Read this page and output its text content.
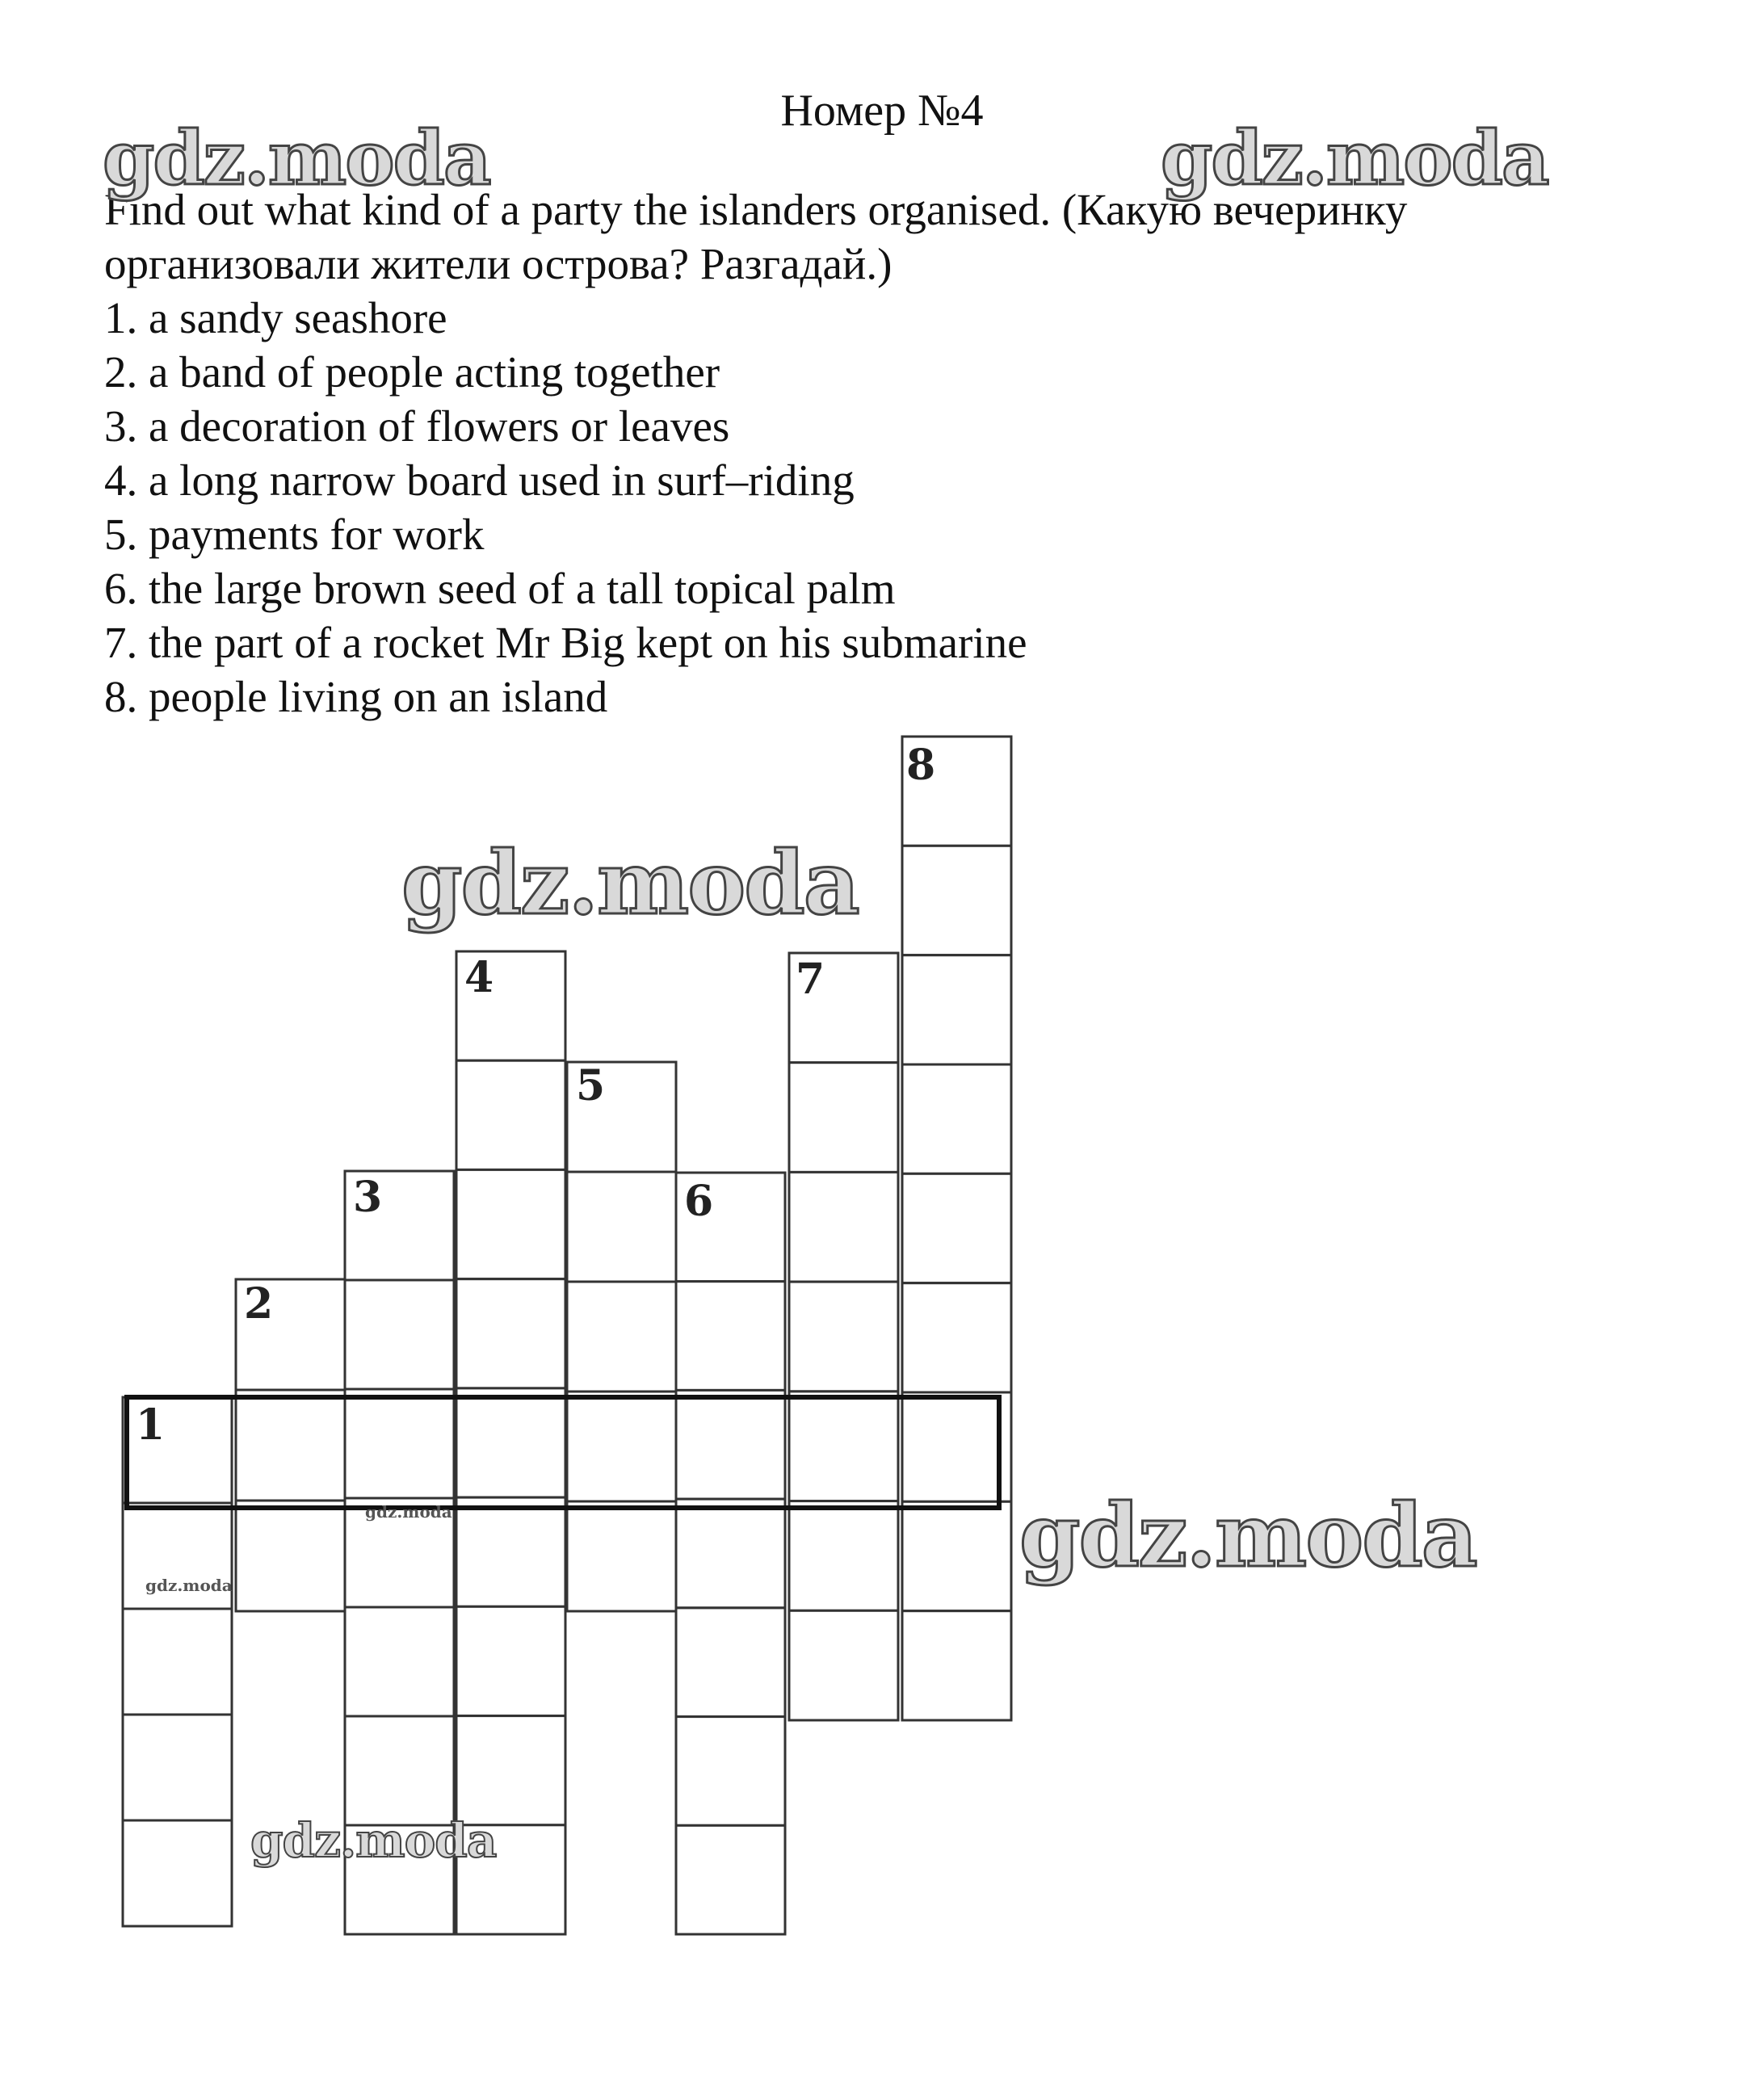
Номер №4

Find out what kind of a party the islanders organised. (Какую вечеринку организовали жители острова? Разгадай.)

1. a sandy seashore
2. a band of people acting together
3. a decoration of flowers or leaves
4. a long narrow board used in surf–riding
5. payments for work
6. the large brown seed of a tall topical palm
7. the part of a rocket Mr Big kept on his submarine
8. people living on an island
1
2
3
4
5
6
7
8
gdz.moda	gdz.moda
gdz.moda
gdz.moda
gdz.moda
gdz.moda
gdz.moda
